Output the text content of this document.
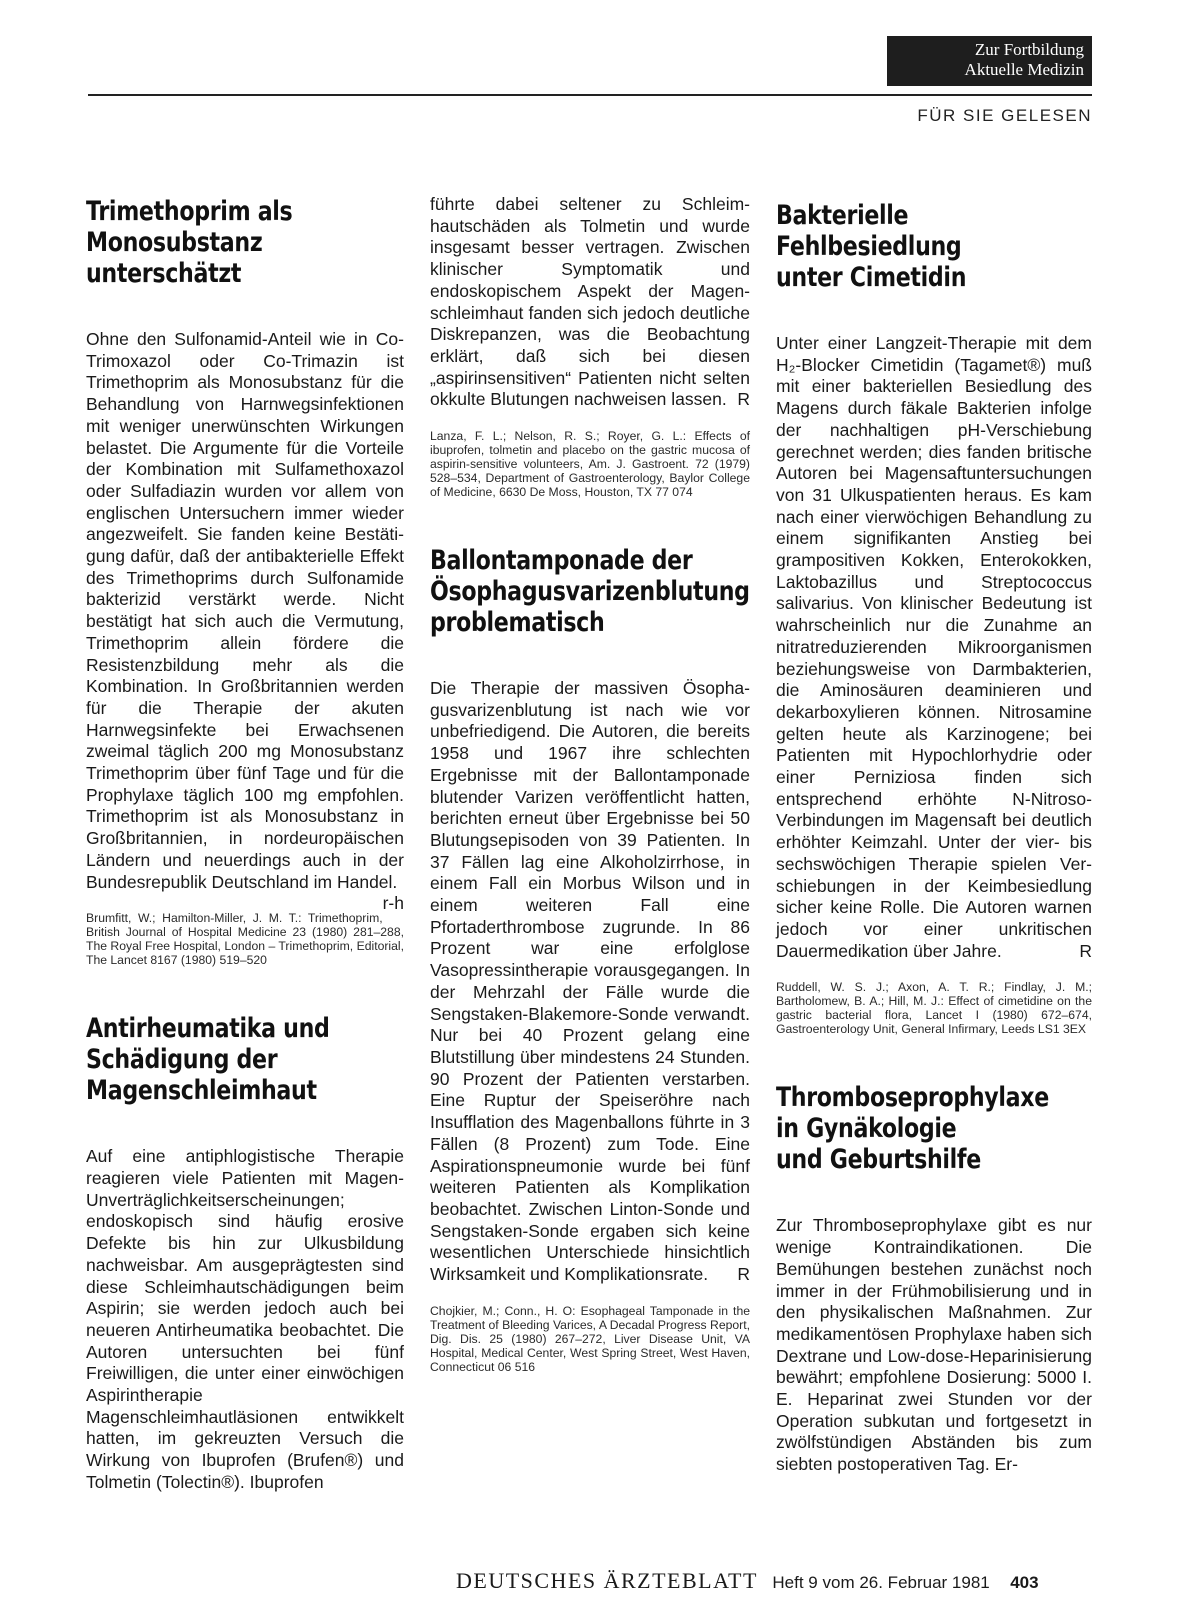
Zur Fortbildung
Aktuelle Medizin
FÜR SIE GELESEN
Trimethoprim als
Monosubstanz unterschätzt

Ohne den Sulfonamid-Anteil wie in Co-Trimoxazol oder Co-Trimazin ist Trimethoprim als Monosubstanz für die Behandlung von Harnwegsinfektionen mit weniger unerwünschten Wirkungen belastet. Die Argumente für die Vorteile der Kombination mit Sulfamethoxazol oder Sulfadiazin wurden vor allem von englischen Untersuchern immer wieder angezweifelt. Sie fanden keine Bestätigung dafür, daß der antibakterielle Effekt des Trimethoprims durch Sulfonamide bakterizid verstärkt werde. Nicht bestätigt hat sich auch die Vermutung, Trimethoprim allein fördere die Resistenzbildung mehr als die Kombination. In Großbritannien werden für die Therapie der akuten Harnwegsinfekte bei Erwachsenen zweimal täglich 200 mg Monosubstanz Trimethoprim über fünf Tage und für die Prophylaxe täglich 100 mg empfohlen. Trimethoprim ist als Monosubstanz in Großbritannien, in nordeuropäischen Ländern und neuerdings auch in der Bundesrepublik Deutschland im Handel.
r-h

Brumfitt, W.; Hamilton-Miller, J. M. T.: Trimethoprim, British Journal of Hospital Medicine 23 (1980) 281–288, The Royal Free Hospital, London – Trimethoprim, Editorial, The Lancet 8167 (1980) 519–520

Antirheumatika und
Schädigung der
Magenschleimhaut

Auf eine antiphlogistische Therapie reagieren viele Patienten mit Magen-Unverträglichkeitserscheinungen; endoskopisch sind häufig erosive Defekte bis hin zur Ulkusbildung nachweisbar. Am ausgeprägtesten sind diese Schleimhautschädigungen beim Aspirin; sie werden jedoch auch bei neueren Antirheumatika beobachtet. Die Autoren untersuchten bei fünf Freiwilligen, die unter einer einwöchigen Aspirintherapie Magenschleimhautläsionen entwikkelt hatten, im gekreuzten Versuch die Wirkung von Ibuprofen (Brufen®) und Tolmetin (Tolectin®). Ibuprofen

führte dabei seltener zu Schleimhautschäden als Tolmetin und wurde insgesamt besser vertragen. Zwischen klinischer Symptomatik und endoskopischem Aspekt der Magenschleimhaut fanden sich jedoch deutliche Diskrepanzen, was die Beobachtung erklärt, daß sich bei diesen „aspirinsensitiven“ Patienten nicht selten okkulte Blutungen nachweisen lassen. R

Lanza, F. L.; Nelson, R. S.; Royer, G. L.: Effects of ibuprofen, tolmetin and placebo on the gastric mucosa of aspirin-sensitive volunteers, Am. J. Gastroent. 72 (1979) 528–534, Department of Gastroenterology, Baylor College of Medicine, 6630 De Moss, Houston, TX 77 074

Ballontamponade der
Ösophagusvarizenblutung
problematisch

Die Therapie der massiven Ösophagusvarizenblutung ist nach wie vor unbefriedigend. Die Autoren, die bereits 1958 und 1967 ihre schlechten Ergebnisse mit der Ballontamponade blutender Varizen veröffentlicht hatten, berichten erneut über Ergebnisse bei 50 Blutungsepisoden von 39 Patienten. In 37 Fällen lag eine Alkoholzirrhose, in einem Fall ein Morbus Wilson und in einem weiteren Fall eine Pfortaderthrombose zugrunde. In 86 Prozent war eine erfolglose Vasopressintherapie vorausgegangen. In der Mehrzahl der Fälle wurde die Sengstaken-Blakemore-Sonde verwandt. Nur bei 40 Prozent gelang eine Blutstillung über mindestens 24 Stunden. 90 Prozent der Patienten verstarben. Eine Ruptur der Speiseröhre nach Insufflation des Magenballons führte in 3 Fällen (8 Prozent) zum Tode. Eine Aspirationspneumonie wurde bei fünf weiteren Patienten als Komplikation beobachtet. Zwischen Linton-Sonde und Sengstaken-Sonde ergaben sich keine wesentlichen Unterschiede hinsichtlich Wirksamkeit und Komplikationsrate. R

Chojkier, M.; Conn., H. O: Esophageal Tamponade in the Treatment of Bleeding Varices, A Decadal Progress Report, Dig. Dis. 25 (1980) 267–272, Liver Disease Unit, VA Hospital, Medical Center, West Spring Street, West Haven, Connecticut 06 516

Bakterielle Fehlbesiedlung
unter Cimetidin

Unter einer Langzeit-Therapie mit dem H₂-Blocker Cimetidin (Tagamet®) muß mit einer bakteriellen Besiedlung des Magens durch fäkale Bakterien infolge der nachhaltigen pH-Verschiebung gerechnet werden; dies fanden britische Autoren bei Magensaftuntersuchungen von 31 Ulkuspatienten heraus. Es kam nach einer vierwöchigen Behandlung zu einem signifikanten Anstieg bei grampositiven Kokken, Enterokokken, Laktobazillus und Streptococcus salivarius. Von klinischer Bedeutung ist wahrscheinlich nur die Zunahme an nitratreduzierenden Mikroorganismen beziehungsweise von Darmbakterien, die Aminosäuren deaminieren und dekarboxylieren können. Nitrosamine gelten heute als Karzinogene; bei Patienten mit Hypochlorhydrie oder einer Perniziosa finden sich entsprechend erhöhte N-Nitroso-Verbindungen im Magensaft bei deutlich erhöhter Keimzahl. Unter der vier- bis sechswöchigen Therapie spielen Verschiebungen in der Keimbesiedlung sicher keine Rolle. Die Autoren warnen jedoch vor einer unkritischen Dauermedikation über Jahre.	R

Ruddell, W. S. J.; Axon, A. T. R.; Findlay, J. M.; Bartholomew, B. A.; Hill, M. J.: Effect of cimetidine on the gastric bacterial flora, Lancet I (1980) 672–674, Gastroenterology Unit, General Infirmary, Leeds LS1 3EX

Thromboseprophylaxe
in Gynäkologie
und Geburtshilfe

Zur Thromboseprophylaxe gibt es nur wenige Kontraindikationen. Die Bemühungen bestehen zunächst noch immer in der Frühmobilisierung und in den physikalischen Maßnahmen. Zur medikamentösen Prophylaxe haben sich Dextrane und Low-dose-Heparinisierung bewährt; empfohlene Dosierung: 5000 I. E. Heparinat zwei Stunden vor der Operation subkutan und fortgesetzt in zwölfstündigen Abständen bis zum siebten postoperativen Tag. Er-

DEUTSCHES ÄRZTEBLATT Heft 9 vom 26. Februar 1981 403
